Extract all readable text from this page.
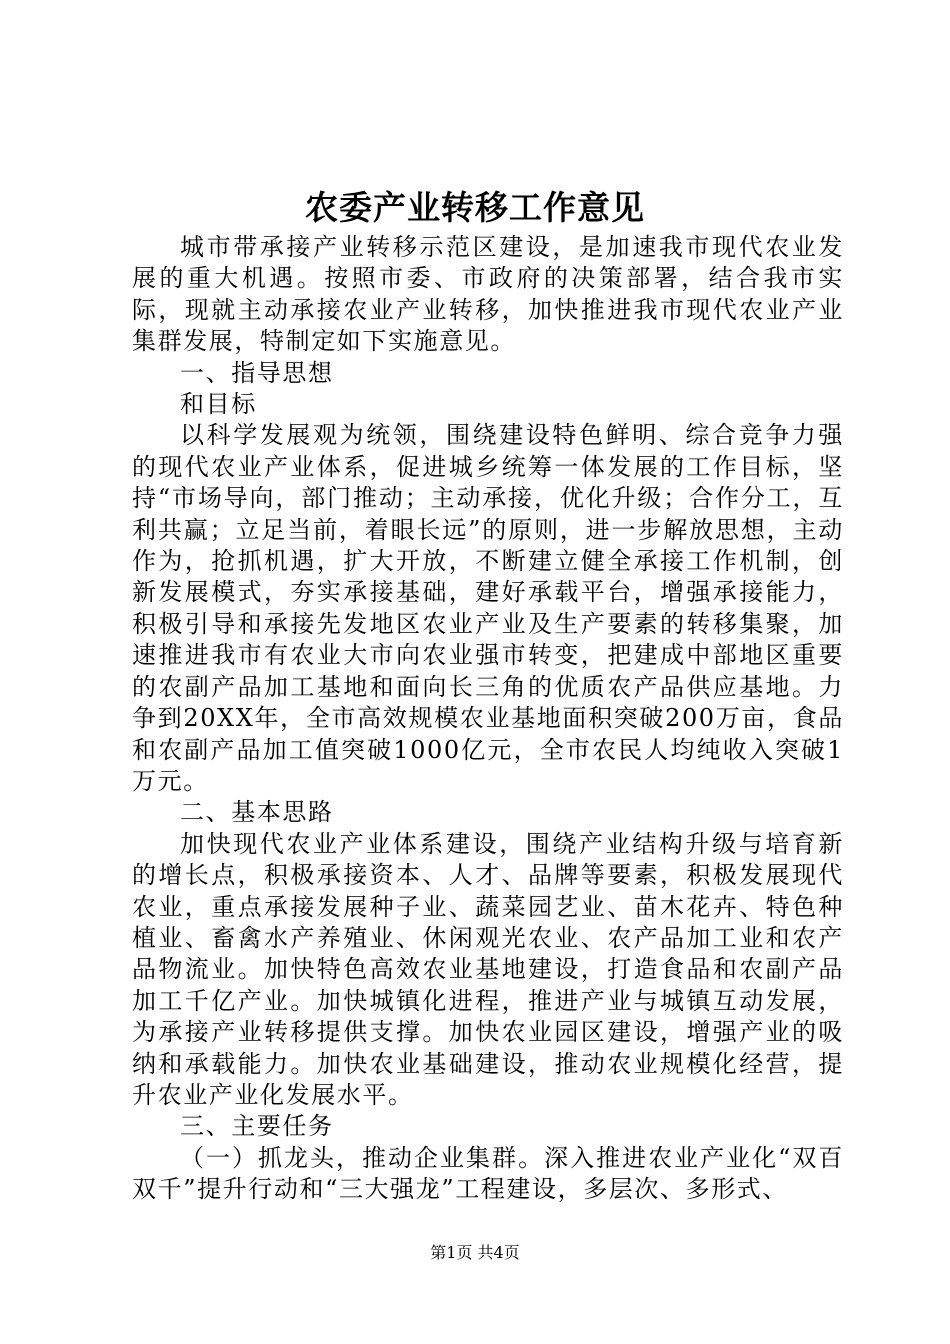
农委产业转移工作意见

城市带承接产业转移示范区建设，是加速我市现代农业发展的重大机遇。按照市委、市政府的决策部署，结合我市实际，现就主动承接农业产业转移，加快推进我市现代农业产业集群发展，特制定如下实施意见。

一、指导思想

和目标

以科学发展观为统领，围绕建设特色鲜明、综合竞争力强的现代农业产业体系，促进城乡统筹一体发展的工作目标，坚持“市场导向，部门推动；主动承接，优化升级；合作分工，互利共赢；立足当前，着眼长远”的原则，进一步解放思想，主动作为，抢抓机遇，扩大开放，不断建立健全承接工作机制，创新发展模式，夯实承接基础，建好承载平台，增强承接能力，积极引导和承接先发地区农业产业及生产要素的转移集聚，加速推进我市有农业大市向农业强市转变，把建成中部地区重要的农副产品加工基地和面向长三角的优质农产品供应基地。力争到20XX年，全市高效规模农业基地面积突破200万亩，食品和农副产品加工值突破1000亿元，全市农民人均纯收入突破1万元。

二、基本思路

加快现代农业产业体系建设，围绕产业结构升级与培育新的增长点，积极承接资本、人才、品牌等要素，积极发展现代农业，重点承接发展种子业、蔬菜园艺业、苗木花卉、特色种植业、畜禽水产养殖业、休闲观光农业、农产品加工业和农产品物流业。加快特色高效农业基地建设，打造食品和农副产品加工千亿产业。加快城镇化进程，推进产业与城镇互动发展，为承接产业转移提供支撑。加快农业园区建设，增强产业的吸纳和承载能力。加快农业基础建设，推动农业规模化经营，提升农业产业化发展水平。

三、主要任务

（一）抓龙头，推动企业集群。深入推进农业产业化“双百双千”提升行动和“三大强龙”工程建设，多层次、多形式、

第1页 共4页
